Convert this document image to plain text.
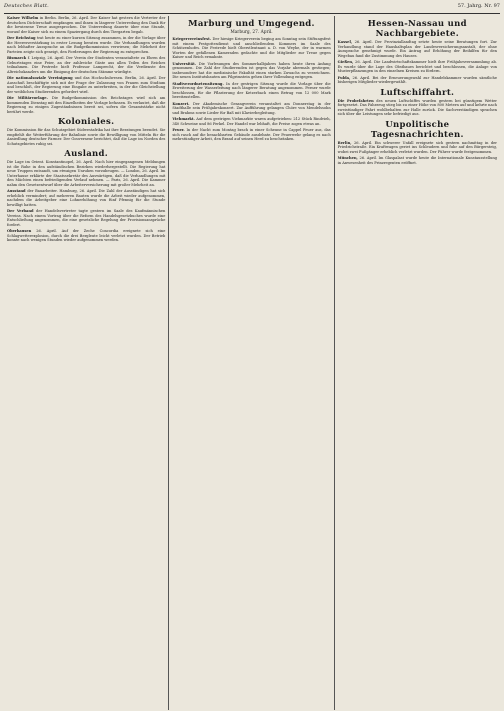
Deutsches Blatt.	57. Jahrg. Nr. 97

Kaiser Wilhelm in Berlin. Berlin, 26. April. Der Kaiser hat gestern die Vertreter der deutschen Dichterschaft empfangen und ihnen in längerer Unterredung den Dank für die bewiesene Treue ausgesprochen. Die Unterredung dauerte über eine Stunde, worauf der Kaiser sich zu einem Spaziergang durch den Tiergarten begab.

Der Reichstag trat heute zu einer kurzen Sitzung zusammen, in der die Vorlage über die Heeresverstärkung in erster Lesung beraten wurde. Die Verhandlungen wurden nach lebhafter Aussprache an die Budgetkommission verwiesen; die Mehrheit der Parteien zeigte sich geneigt, den Forderungen der Regierung zu entsprechen.

Bismarck f. Leipzig, 26. April. Der Verein der Studenten veranstaltete zu Ehren des Geburtstages eine Feier, an der zahlreiche Gäste aus allen Teilen des Reiches teilnahmen. Die Festrede hielt Professor Lamprecht, der die Verdienste des Altreichskanzlers um die Einigung der deutschen Stämme würdigte.

Die nationalsoziale Vereinigung und das Hochschulwesen. Berlin, 26. April. Der Ausschuß beschäftigte sich mit der Frage der Zulassung von Frauen zum Studium und beschloß, der Regierung eine Eingabe zu unterbreiten, in der die Gleichstellung der weiblichen Studierenden gefordert wird.

Die Militärvorlage. Die Budgetkommission des Reichstages wird sich am kommenden Dienstag mit den Einzelheiten der Vorlage befassen. Es verlautet, daß die Regierung zu einigen Zugeständnissen bereit sei, sofern die Gesamtstärke nicht berührt werde.

Koloniales.

Die Kommission für das Schutzgebiet Südwestafrika hat ihre Beratungen beendet. Sie empfiehlt die Weiterführung der Bahnlinie sowie die Bewilligung von Mitteln für die Ansiedlung deutscher Farmer. Der Gouverneur berichtet, daß die Lage im Norden des Schutzgebietes ruhig sei.

Ausland.

Die Lage im Orient. Konstantinopel, 26. April. Nach hier eingegangenen Meldungen ist die Ruhe in den aufständischen Bezirken wiederhergestellt. Die Regierung hat neue Truppen entsandt, um etwaigen Unruhen vorzubeugen. — London, 26. April. Im Unterhause erklärte der Staatssekretär des Auswärtigen, daß die Verhandlungen mit den Mächten einen befriedigenden Verlauf nehmen. — Paris, 26. April. Die Kammer nahm den Gesetzentwurf über die Arbeiterversicherung mit großer Mehrheit an.

Ausstand der Bauarbeiter. Hamburg, 26. April. Die Zahl der Ausständigen hat sich erheblich vermindert; auf mehreren Bauten wurde die Arbeit wieder aufgenommen, nachdem die Arbeitgeber eine Lohnerhöhung von fünf Pfennig für die Stunde bewilligt hatten.

Der Verband der Handelsvertreter tagte gestern im Saale des Kaufmännischen Vereins. Nach einem Vortrag über die Reform des Handelsgesetzbuches wurde eine Entschließung angenommen, die eine gesetzliche Regelung der Provisionsansprüche fordert.

Oberhausen 26. April. Auf der Zeche Concordia ereignete sich eine Schlagwetterexplosion, durch die drei Bergleute leicht verletzt wurden. Der Betrieb konnte nach wenigen Stunden wieder aufgenommen werden.

Marburg und Umgegend.
Marburg, 27. April.

Kriegervereinsfest. Der hiesige Kriegerverein beging am Sonntag sein Stiftungsfest mit einem Festgottesdienst und anschließendem Kommers im Saale des Schützenhofes. Die Festrede hielt Oberstleutnant a. D. von Weyhe, der in warmen Worten der gefallenen Kameraden gedachte und die Mitglieder zur Treue gegen Kaiser und Reich ermahnte.

Universität. Die Vorlesungen des Sommerhalbjahres haben heute ihren Anfang genommen. Die Zahl der Studierenden ist gegen das Vorjahr abermals gestiegen; insbesondere hat die medizinische Fakultät einen starken Zuwachs zu verzeichnen. Die neuen Institutsbauten am Pilgrimstein gehen ihrer Vollendung entgegen.

Stadtverordnetensitzung. In der gestrigen Sitzung wurde die Vorlage über die Erweiterung der Wasserleitung nach längerer Beratung angenommen. Ferner wurde beschlossen, für die Pflasterung der Ketzerbach einen Betrag von 12 000 Mark bereitzustellen.

Konzert. Der Akademische Gesangverein veranstaltet am Donnerstag in der Stadthalle sein Frühjahrskonzert. Zur Aufführung gelangen Chöre von Mendelssohn und Brahms sowie Lieder für Baß mit Klavierbegleitung.

Viehmarkt. Auf dem gestrigen Viehmarkte waren aufgetrieben: 212 Stück Rindvieh, 340 Schweine und 86 Ferkel. Der Handel war lebhaft, die Preise zogen etwas an.

Feuer. In der Nacht zum Montag brach in einer Scheune in Cappel Feuer aus, das sich rasch auf die benachbarten Gebäude ausdehnte. Der Feuerwehr gelang es nach mehrstündiger Arbeit, den Brand auf seinen Herd zu beschränken.

Hessen-Nassau und Nachbargebiete.

Kassel, 26. April. Der Provinziallandtag setzte heute seine Beratungen fort. Zur Verhandlung stand der Haushaltsplan der Landesversicherungsanstalt, der ohne Aussprache genehmigt wurde. Ein Antrag auf Erhöhung der Beihilfen für den Wegebau fand die Zustimmung des Hauses.

Gießen, 26. April. Die Landwirtschaftskammer hielt ihre Frühjahrsversammlung ab. Es wurde über die Lage des Obstbaues berichtet und beschlossen, die Anlage von Musterpflanzungen in den einzelnen Kreisen zu fördern.

Fulda, 26. April. Bei der Erneuerungswahl zur Handelskammer wurden sämtliche bisherigen Mitglieder wiedergewählt.

Luftschiffahrt.

Die Probefahrten des neuen Luftschiffes wurden gestern bei günstigem Wetter fortgesetzt. Das Fahrzeug stieg bis zu einer Höhe von 800 Metern auf und kehrte nach zweistündiger Fahrt wohlbehalten zur Halle zurück. Die Sachverständigen sprachen sich über die Leistungen sehr befriedigt aus.

Unpolitische Tagesnachrichten.

Berlin, 26. April. Ein schwerer Unfall ereignete sich gestern nachmittag in der Friedrichstraße. Ein Kraftwagen geriet ins Schleudern und fuhr auf den Bürgersteig, wobei zwei Fußgänger erheblich verletzt wurden. Der Führer wurde festgenommen.

München, 26. April. Im Glaspalast wurde heute die Internationale Kunstausstellung in Anwesenheit des Prinzregenten eröffnet.
